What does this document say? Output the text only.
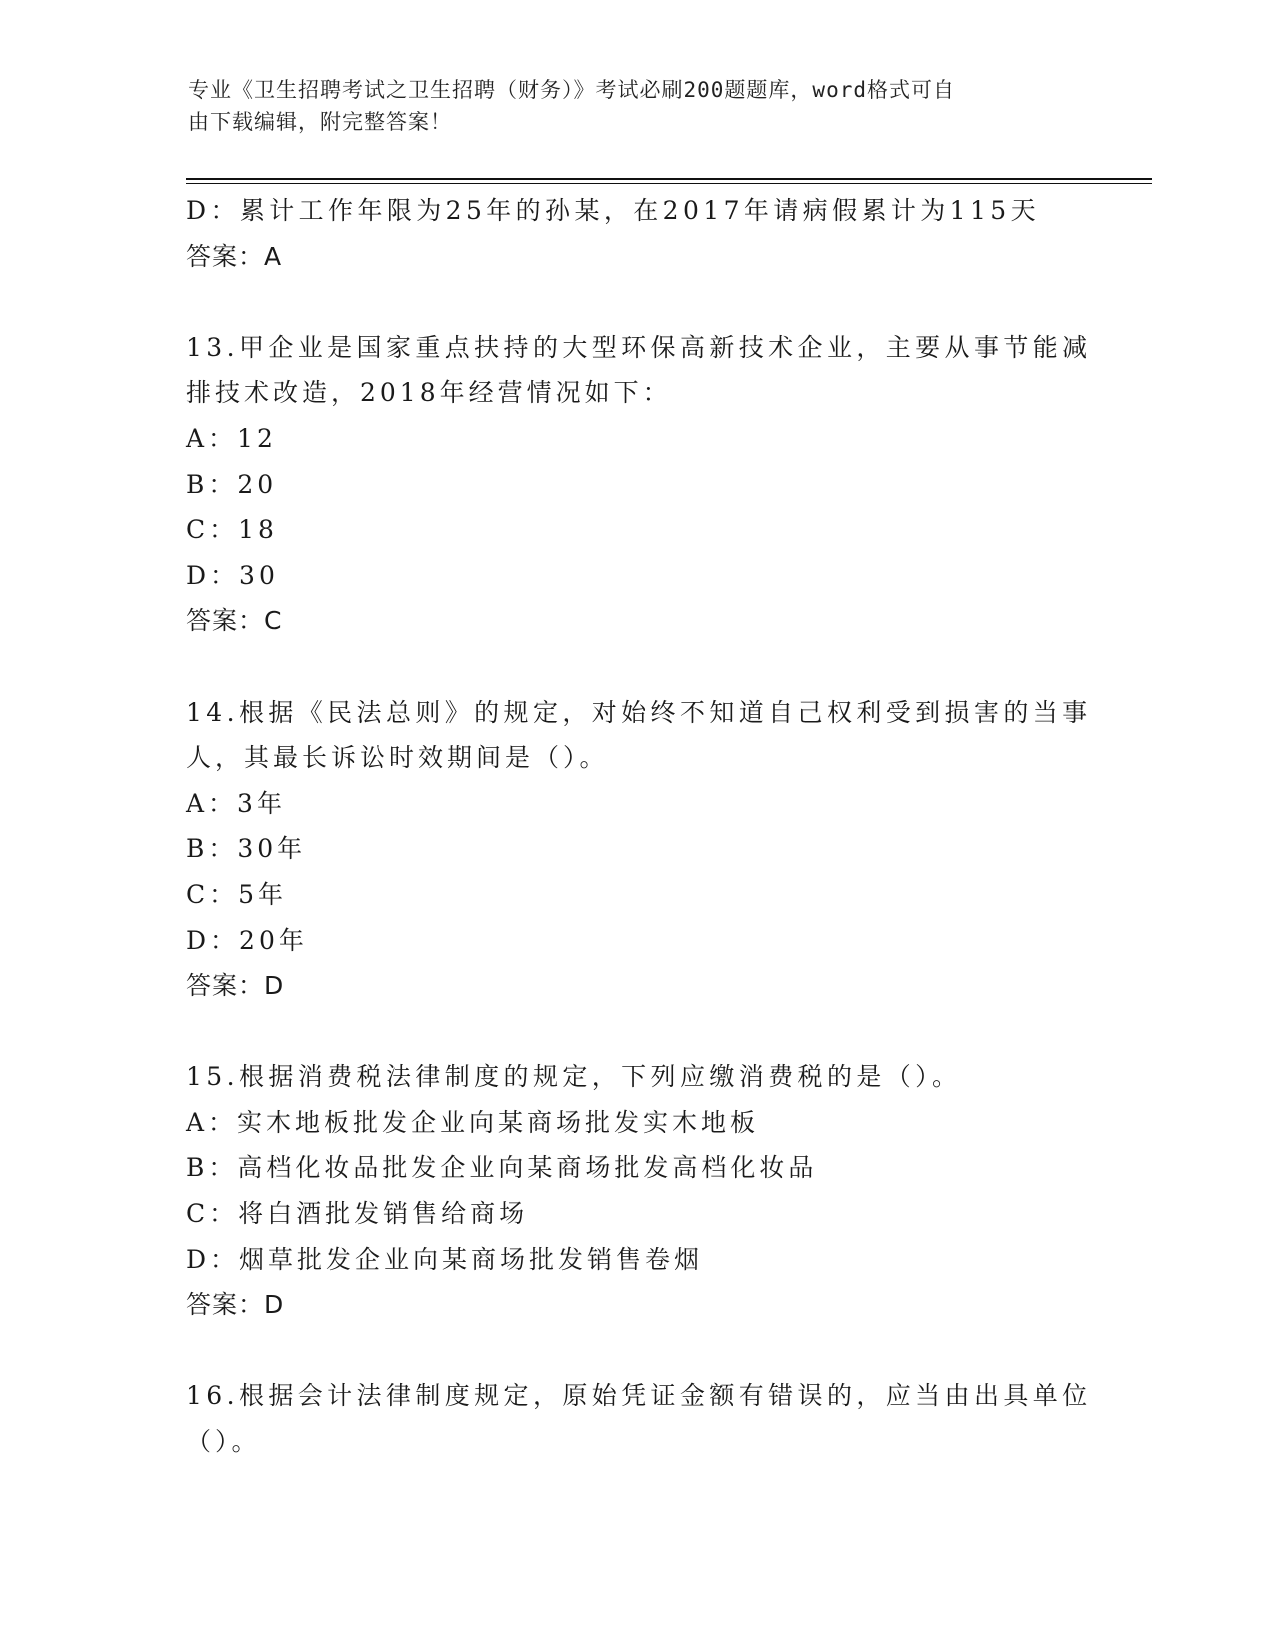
专业《卫生招聘考试之卫生招聘（财务）》考试必刷200题题库，word格式可自
由下载编辑，附完整答案！
D：累计工作年限为25年的孙某，在2017年请病假累计为115天
答案：A
13.甲企业是国家重点扶持的大型环保高新技术企业，主要从事节能减
排技术改造，2018年经营情况如下：
A：12
B：20
C：18
D：30
答案：C
14.根据《民法总则》的规定，对始终不知道自己权利受到损害的当事
人，其最长诉讼时效期间是（）。
A：3年
B：30年
C：5年
D：20年
答案：D
15.根据消费税法律制度的规定，下列应缴消费税的是（）。
A：实木地板批发企业向某商场批发实木地板
B：高档化妆品批发企业向某商场批发高档化妆品
C：将白酒批发销售给商场
D：烟草批发企业向某商场批发销售卷烟
答案：D
16.根据会计法律制度规定，原始凭证金额有错误的，应当由出具单位
（）。
